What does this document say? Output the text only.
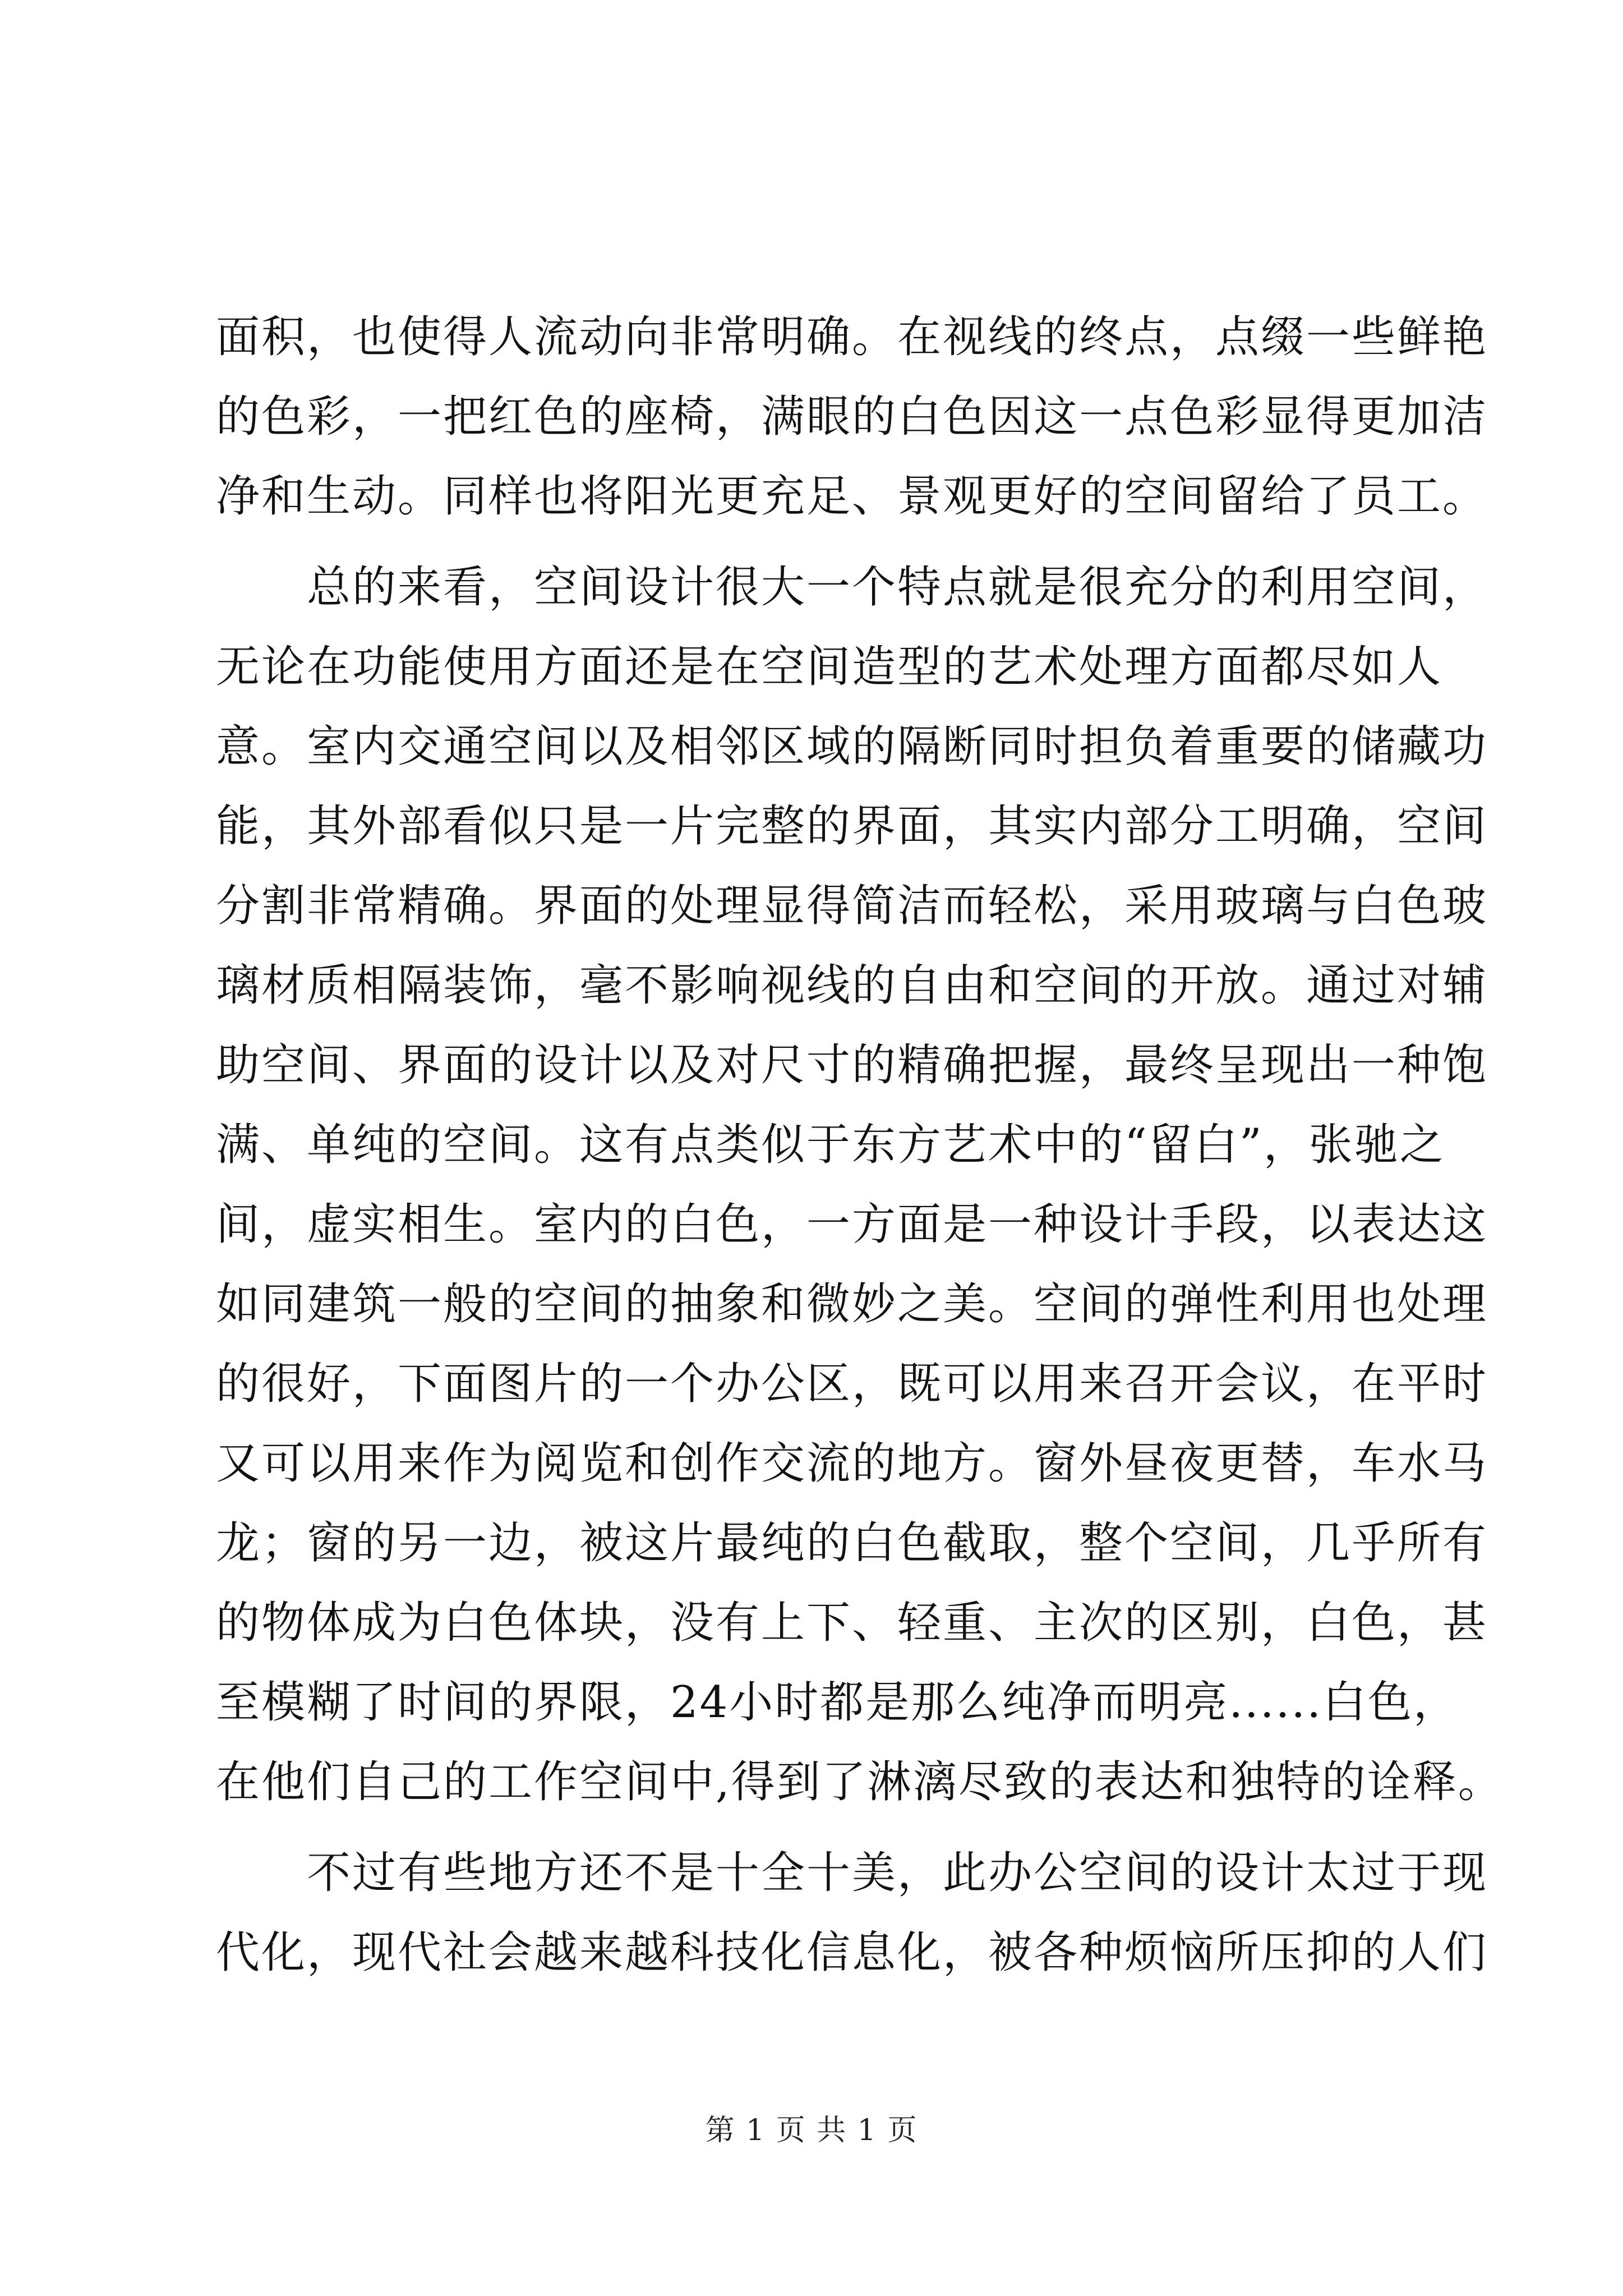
面积，也使得人流动向非常明确。在视线的终点，点缀一些鲜艳
的色彩，一把红色的座椅，满眼的白色因这一点色彩显得更加洁
净和生动。同样也将阳光更充足、景观更好的空间留给了员工。
　　总的来看，空间设计很大一个特点就是很充分的利用空间，
无论在功能使用方面还是在空间造型的艺术处理方面都尽如人
意。室内交通空间以及相邻区域的隔断同时担负着重要的储藏功
能，其外部看似只是一片完整的界面，其实内部分工明确，空间
分割非常精确。界面的处理显得简洁而轻松，采用玻璃与白色玻
璃材质相隔装饰，毫不影响视线的自由和空间的开放。通过对辅
助空间、界面的设计以及对尺寸的精确把握，最终呈现出一种饱
满、单纯的空间。这有点类似于东方艺术中的“留白”，张驰之
间，虚实相生。室内的白色，一方面是一种设计手段，以表达这
如同建筑一般的空间的抽象和微妙之美。空间的弹性利用也处理
的很好，下面图片的一个办公区，既可以用来召开会议，在平时
又可以用来作为阅览和创作交流的地方。窗外昼夜更替，车水马
龙；窗的另一边，被这片最纯的白色截取，整个空间，几乎所有
的物体成为白色体块，没有上下、轻重、主次的区别，白色，甚
至模糊了时间的界限，24小时都是那么纯净而明亮......白色，
在他们自己的工作空间中,得到了淋漓尽致的表达和独特的诠释。
　　不过有些地方还不是十全十美，此办公空间的设计太过于现
代化，现代社会越来越科技化信息化，被各种烦恼所压抑的人们
第 1 页 共 1 页
